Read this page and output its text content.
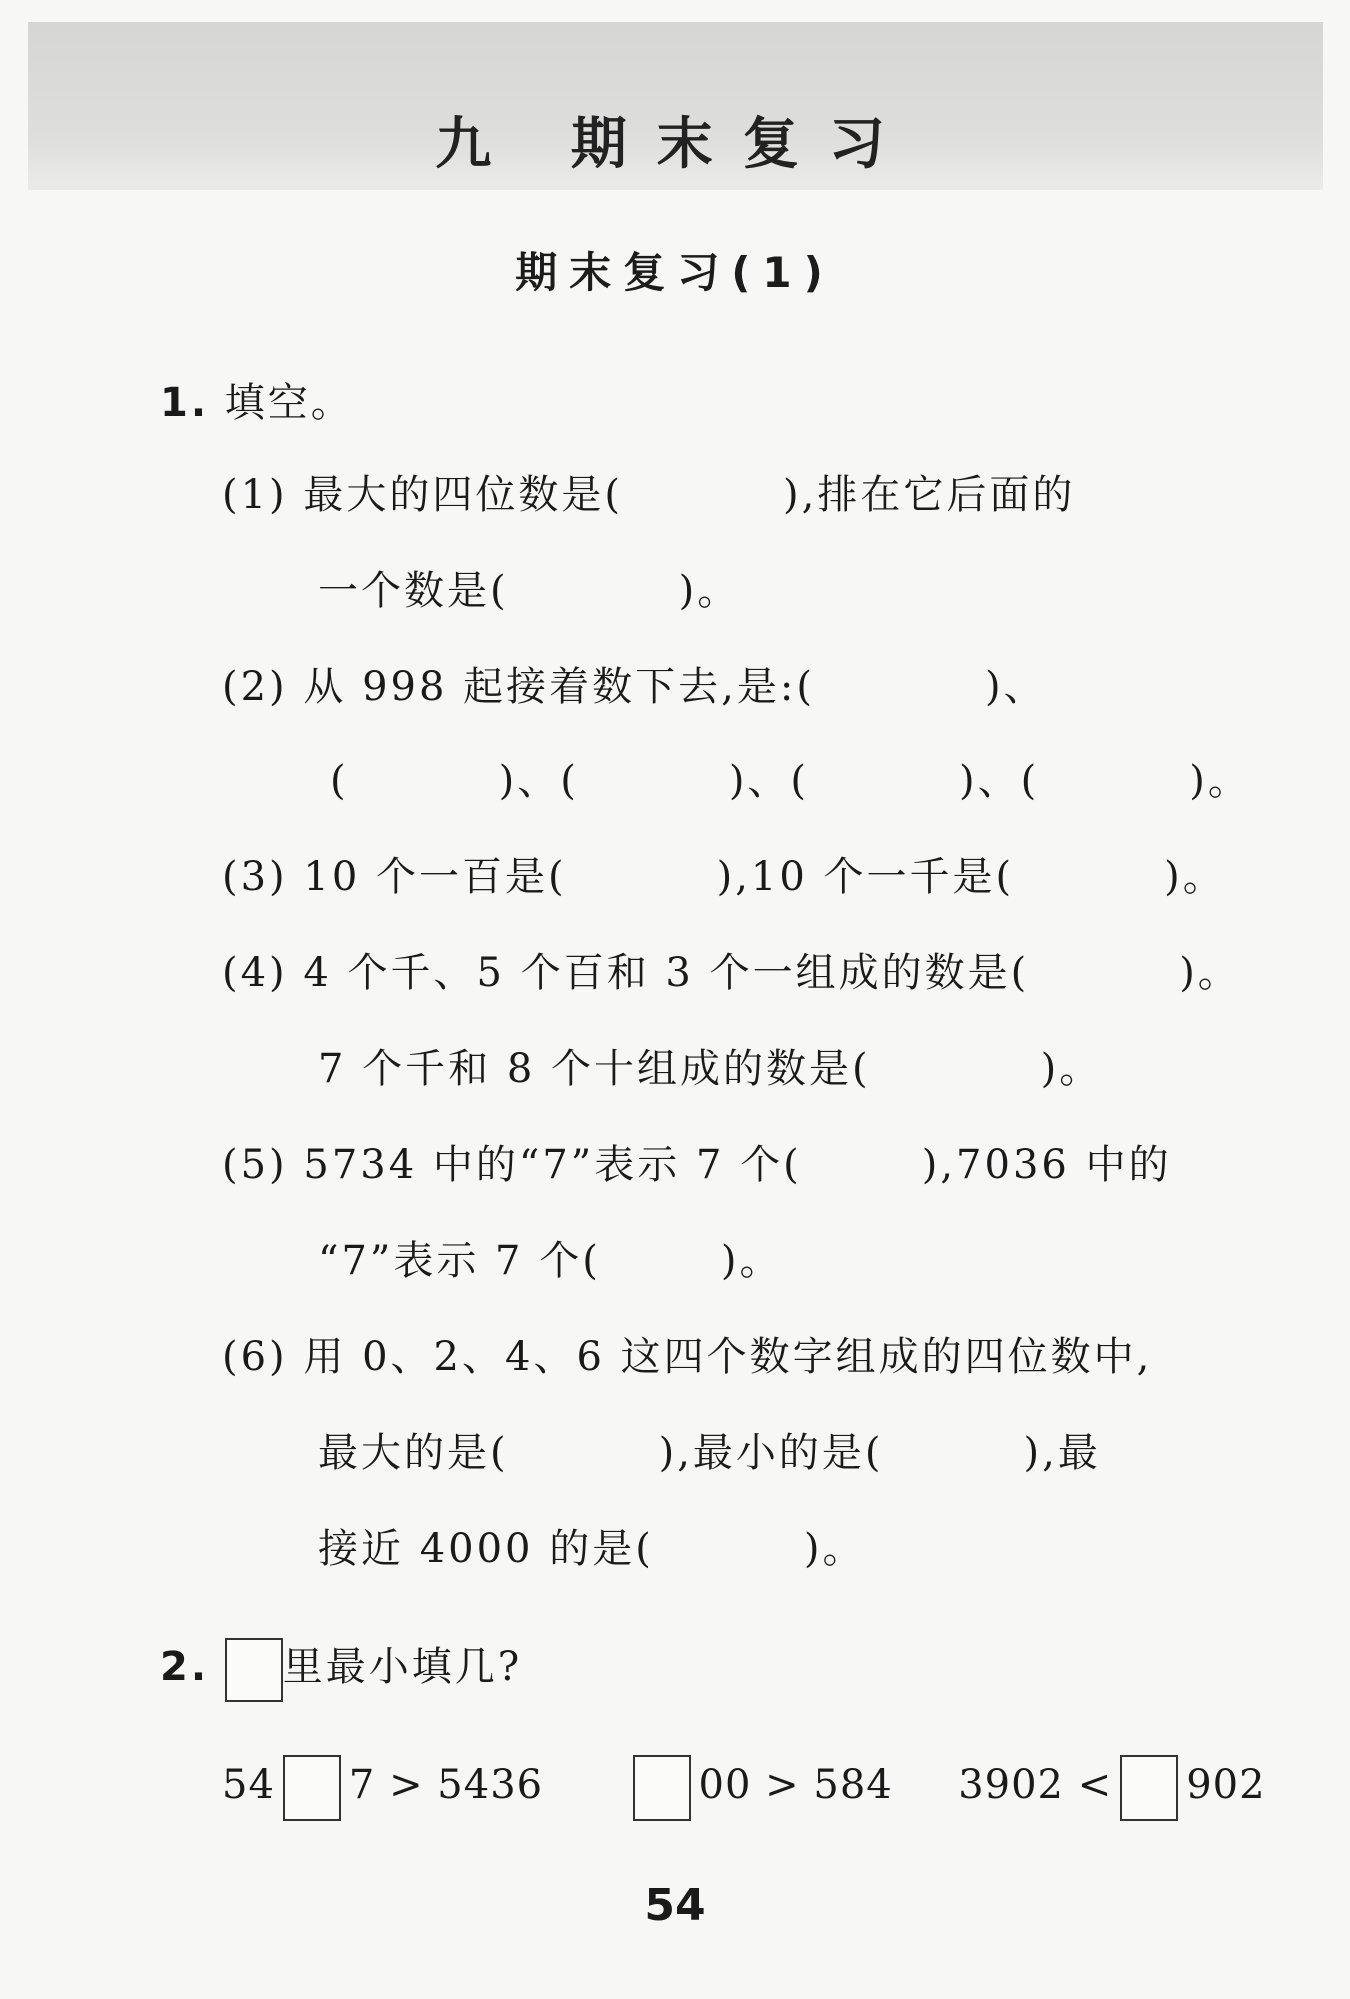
九 期末复习
期末复习(1)
1. 填空。
(1) 最大的四位数是(	),排在它后面的
一个数是(	)。
(2) 从 998 起接着数下去,是:(	)、
(	)、(	)、(	)、(	)。
(3) 10 个一百是(	),10 个一千是(	)。
(4) 4 个千、5 个百和 3 个一组成的数是(	)。
7 个千和 8 个十组成的数是(	)。
(5) 5734 中的“7”表示 7 个(	),7036 中的
“7”表示 7 个(	)。
(6) 用 0、2、4、6 这四个数字组成的四位数中,
最大的是(	),最小的是(	),最
接近 4000 的是(	)。
2. 里最小填几?
54 7 > 5436	00 > 584 3902 < 902
54
